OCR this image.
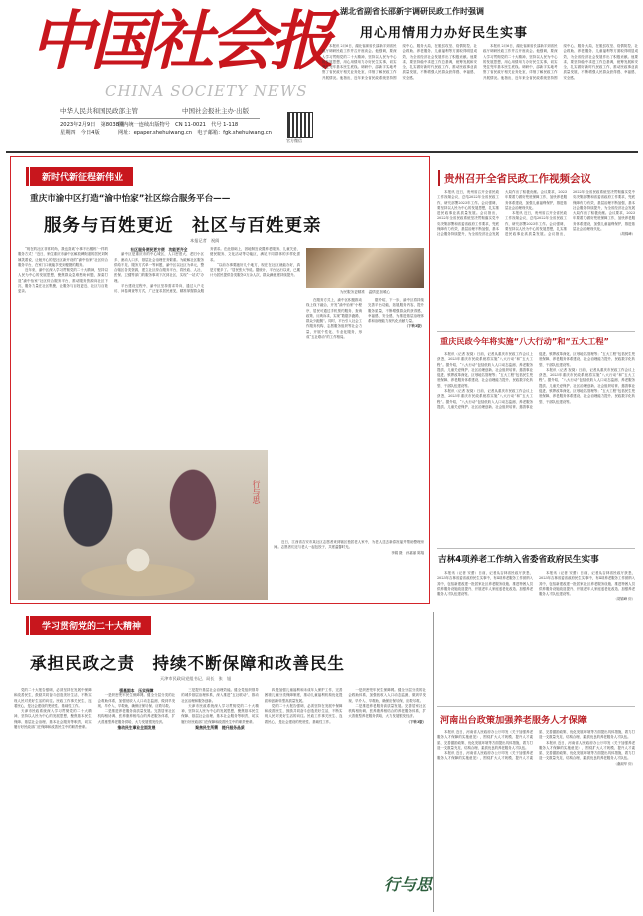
中国社会报
CHINA SOCIETY NEWS
中华人民共和国民政部主管	中国社会报社主办·出版
2023年2月9日　 第8038期
星期四　 今日4版
国内统一连续出版物号　 CN 11-0021　 代号 1-118
网址：epaper.shehuiwang.cn　 电子邮箱：fgk.shehuiwang.cn
官方微信
湖北省副省长邵新宇调研民政工作时强调
用心用情用力办好民生实事

本报讯 2月6日，湖北省副省长邵新宇到省民政厅调研民政工作并召开座谈会。他强调，要深入学习贯彻党的二十大精神，坚持以人民为中心的发展思想，用心用情用力办好民生实事，切实兜住兜牢基本民生底线。调研中，邵新宇实地考察了省民政厅相关业务处室，详细了解民政工作开展情况。他指出，近年来全省民政系统坚持围绕中心、服务大局，在脱贫攻坚、疫情防控、社会救助、养老服务、儿童福利等方面取得明显成效，为全省经济社会发展作出了积极贡献。他要求，要坚持稳中求进工作总基调，统筹发展和安全，扎实做好新时代民政工作，推动民政事业高质量发展，不断增强人民群众获得感、幸福感、安全感。

本报讯 2月6日，湖北省副省长邵新宇到省民政厅调研民政工作并召开座谈会。他强调，要深入学习贯彻党的二十大精神，坚持以人民为中心的发展思想，用心用情用力办好民生实事，切实兜住兜牢基本民生底线。调研中，邵新宇实地考察了省民政厅相关业务处室，详细了解民政工作开展情况。他指出，近年来全省民政系统坚持围绕中心、服务大局，在脱贫攻坚、疫情防控、社会救助、养老服务、儿童福利等方面取得明显成效，为全省经济社会发展作出了积极贡献。他要求，要坚持稳中求进工作总基调，统筹发展和安全，扎实做好新时代民政工作，推动民政事业高质量发展，不断增强人民群众获得感、幸福感、安全感。

新时代新征程新伟业
重庆市渝中区打造“渝中怡家”社区综合服务平台——
服务与百姓更近　社区与百姓更亲
本报记者　祝阅

“现在的社区非常时尚，我也喜欢‘小事不出楼栋’一样的服务方式！”近日，家住重庆市渝中区解放碑街道的居民刘阿姨笑着说，让她开心的是社区新开设的“渝中怡家”社区综合服务平台，在家门口就能享受到便捷的服务。

近年来，渝中区深入学习贯彻党的二十大精神，坚持以人民为中心的发展思想，聚焦群众急难愁盼问题，探索打造“渝中怡家”社区综合服务平台，推动服务资源向社区下沉、服务力量在社区集聚，让服务与百姓更近、社区与百姓更亲。

社区服务便民更方便　功能更齐全

渝中区是重庆市的中心城区，人口密度大、老旧小区多、流动人口多，基层社会治理任务繁重。为破解社区服务供给不足、服务方式单一等问题，渝中区以社区为单元，整合辖区各类资源，建立社区综合服务平台，将民政、人社、医保、卫健等部门的服务事项下沉到社区，实现“一站式”办理。

平台建设过程中，渝中区坚持需求导向，通过入户走访、问卷调查等方式，广泛征求居民意见，精准掌握群众服务需求。在此基础上，因地制宜设置养老服务、儿童关爱、便民服务、文化活动等功能区，满足不同群体的多样化需求。

“以前办事要跑好几个地方，现在在社区就能办好，真是方便多了。”居民张大爷说。据统计，平台运行以来，已累计为居民提供各类服务3万余人次，群众满意度持续提升。

为民服务更精准　温情更加暖心

在服务方式上，渝中区积极推动线上线下融合，开发“渝中怡家”小程序，居民可通过手机预约服务、查询政策、反映诉求，实现“数据多跑路、群众少跑腿”。同时，平台引入社会工作服务机构、志愿服务组织等社会力量，开展个性化、专业化服务，形成“五社联动”的工作格局。

据介绍，下一步，渝中区将持续完善平台功能，拓展服务内容，提升服务质量，不断增强群众的获得感、幸福感、安全感，为推进基层治理体系和治理能力现代化贡献力量。

（下转3版）

行与思

近日，江西省吉安市某社区志愿者来到辖区独居老人家中，为老人送去新春祝福并帮助整理房间。志愿者们还与老人一起包饺子，共度温馨时光。

李娟 摄　孙嘉丽 陈翔

贵州召开全省民政工作视频会议

本报讯 近日，贵州省召开全省民政工作视频会议，总结2022年全省民政工作，研究部署2023年工作。会议强调，要坚持以人民为中心的发展思想，扎实推进民政事业高质量发展。会议指出，2022年全省民政系统坚决贯彻落实党中央决策部署和省委省政府工作要求，兜底保障有力有效，基层治理不断加强，基本社会服务持续提升，为全省经济社会发展大局作出了积极贡献。会议要求，2023年要着力做好兜底保障工作，加快养老服务体系建设，加强儿童福利保护，推进基层社会治理现代化。

本报讯 近日，贵州省召开全省民政工作视频会议，总结2022年全省民政工作，研究部署2023年工作。会议强调，要坚持以人民为中心的发展思想，扎实推进民政事业高质量发展。会议指出，2022年全省民政系统坚决贯彻落实党中央决策部署和省委省政府工作要求，兜底保障有力有效，基层治理不断加强，基本社会服务持续提升，为全省经济社会发展大局作出了积极贡献。会议要求，2023年要着力做好兜底保障工作，加快养老服务体系建设，加强儿童福利保护，推进基层社会治理现代化。

（胡锦峰）

重庆民政今年将实施“八大行动”和“五大工程”

本报讯（记者 祝阅）日前，记者从重庆市民政工作会议上获悉，2023年重庆市民政系统将实施“八大行动”和“五大工程”。据介绍，“八大行动”包括低收入人口动态监测、养老服务提质、儿童关爱保护、社区治理创新、社会组织培育、慈善事业促进、殡葬改革深化、区划地名管理等；“五大工程”包括民生兜底保障、养老服务体系建设、社会治理能力提升、民政数字化转型、干部队伍建设等。

本报讯（记者 祝阅）日前，记者从重庆市民政工作会议上获悉，2023年重庆市民政系统将实施“八大行动”和“五大工程”。据介绍，“八大行动”包括低收入人口动态监测、养老服务提质、儿童关爱保护、社区治理创新、社会组织培育、慈善事业促进、殡葬改革深化、区划地名管理等；“五大工程”包括民生兜底保障、养老服务体系建设、社会治理能力提升、民政数字化转型、干部队伍建设等。

本报讯（记者 祝阅）日前，记者从重庆市民政工作会议上获悉，2023年重庆市民政系统将实施“八大行动”和“五大工程”。据介绍，“八大行动”包括低收入人口动态监测、养老服务提质、儿童关爱保护、社区治理创新、社会组织培育、慈善事业促进、殡葬改革深化、区划地名管理等；“五大工程”包括民生兜底保障、养老服务体系建设、社会治理能力提升、民政数字化转型、干部队伍建设等。

吉林4项养老工作纳入省委省政府民生实事

本报讯（记者 安蕾）日前，记者从吉林省民政厅获悉，2023年吉林省委省政府民生实事中，有4项养老服务工作被纳入其中，包括新建改建一批居家社区养老服务设施、推进特困人员供养服务设施改造提升、开展老年人家庭适老化改造、加强养老服务人才队伍建设等。

本报讯（记者 安蕾）日前，记者从吉林省民政厅获悉，2023年吉林省委省政府民生实事中，有4项养老服务工作被纳入其中，包括新建改建一批居家社区养老服务设施、推进特困人员供养服务设施改造提升、开展老年人家庭适老化改造、加强养老服务人才队伍建设等。

（胡锦峰 综）

河南出台政策加强养老服务人才保障

本报讯 近日，河南省人民政府办公厅印发《关于加强养老服务人才保障的实施意见》，围绕扩大人才规模、提升人才素质、完善激励政策、优化发展环境等方面提出具体措施，着力打造一支数量充足、结构合理、素质优良的养老服务人才队伍。

本报讯 近日，河南省人民政府办公厅印发《关于加强养老服务人才保障的实施意见》，围绕扩大人才规模、提升人才素质、完善激励政策、优化发展环境等方面提出具体措施，着力打造一支数量充足、结构合理、素质优良的养老服务人才队伍。

本报讯 近日，河南省人民政府办公厅印发《关于加强养老服务人才保障的实施意见》，围绕扩大人才规模、提升人才素质、完善激励政策、优化发展环境等方面提出具体措施，着力打造一支数量充足、结构合理、素质优良的养老服务人才队伍。

（谢淑华 综）

学习贯彻党的二十大精神
承担民政之责　持续不断保障和改善民生
天津市民政局党组书记、局长　张　旭

党的二十大报告强调，必须坚持在发展中保障和改善民生，鼓励共同奋斗创造美好生活，不断实现人民对美好生活的向往。民政工作事关民生、连着民心，是社会建设的兜底性、基础性工作。

天津市民政系统深入学习贯彻党的二十大精神，坚持以人民为中心的发展思想，聚焦基本民生保障、基层社会治理、基本社会服务等职责，切实履行好民政部门在保障和改善民生中的职责使命。

强基固本　压实保障

一是织密兜牢民生保障网。健全分层分类的社会救助体系，加强低收入人口动态监测，做到早发现、早介入、早救助，确保应保尽保、应救尽救。

二是推进养老服务高质量发展。完善居家社区机构相协调、医养康养相结合的养老服务体系，扩大普惠型养老服务供给，大力发展银发经济。

推动民生事业全面发展

三是提升基层社会治理效能。健全党组织领导的城乡基层治理体系，深入推进“五社联动”，推动社区治理和服务创新。

天津市民政系统深入学习贯彻党的二十大精神，坚持以人民为中心的发展思想，聚焦基本民生保障、基层社会治理、基本社会服务等职责，切实履行好民政部门在保障和改善民生中的职责使命。

聚焦民生所需　提升服务品质

四是加强儿童福利和未成年人保护工作，完善困境儿童分类保障制度，推动儿童福利机构优化提质和创新转型高质量发展。

党的二十大报告强调，必须坚持在发展中保障和改善民生，鼓励共同奋斗创造美好生活，不断实现人民对美好生活的向往。民政工作事关民生、连着民心，是社会建设的兜底性、基础性工作。

一是织密兜牢民生保障网。健全分层分类的社会救助体系，加强低收入人口动态监测，做到早发现、早介入、早救助，确保应保尽保、应救尽救。

二是推进养老服务高质量发展。完善居家社区机构相协调、医养康养相结合的养老服务体系，扩大普惠型养老服务供给，大力发展银发经济。

（下转3版）

行与思
